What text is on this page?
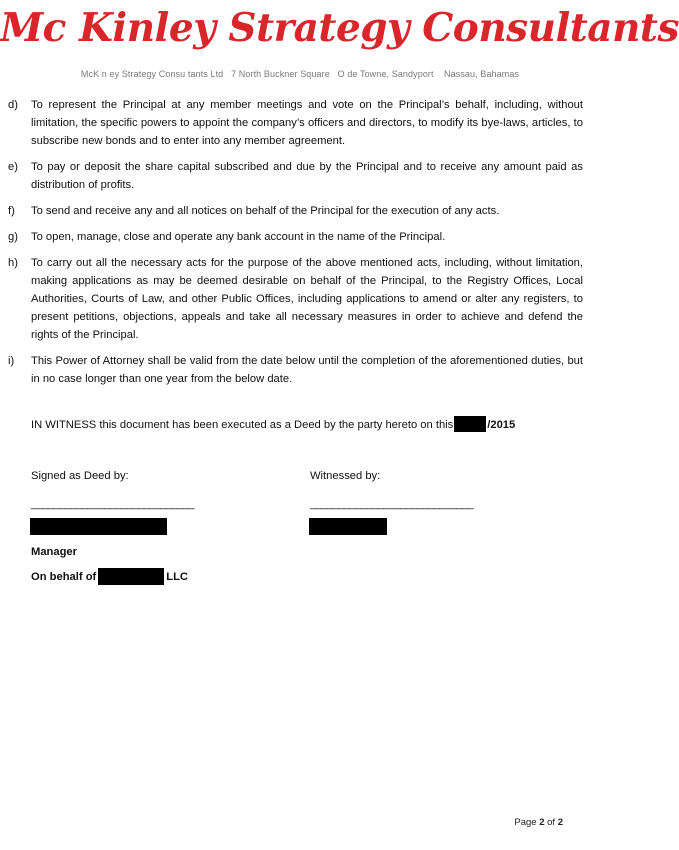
Mc Kinley Strategy Consultants
McK n ey Strategy Consu tants Ltd   7 North Buckner Square   O de Towne, Sandyport    Nassau, Bahamas
d)	To represent the Principal at any member meetings and vote on the Principal’s behalf, including, without limitation, the specific powers to appoint the company’s officers and directors, to modify its bye-laws, articles, to subscribe new bonds and to enter into any member agreement.
e)	To pay or deposit the share capital subscribed and due by the Principal and to receive any amount paid as distribution of profits.
f)	To send and receive any and all notices on behalf of the Principal for the execution of any acts.
g)	To open, manage, close and operate any bank account in the name of the Principal.
h)	To carry out all the necessary acts for the purpose of the above mentioned acts, including, without limitation, making applications as may be deemed desirable on behalf of the Principal, to the Registry Offices, Local Authorities, Courts of Law, and other Public Offices, including applications to amend or alter any registers, to present petitions, objections, appeals and take all necessary measures in order to achieve and defend the rights of the Principal.
i)	This Power of Attorney shall be valid from the date below until the completion of the aforementioned duties, but in no case longer than one year from the below date.
IN WITNESS this document has been executed as a Deed by the party hereto on this	/2015
Signed as Deed by:	Witnessed by:
_____________________________	_____________________________
Manager
On behalf of	LLC
Page 2 of 2
